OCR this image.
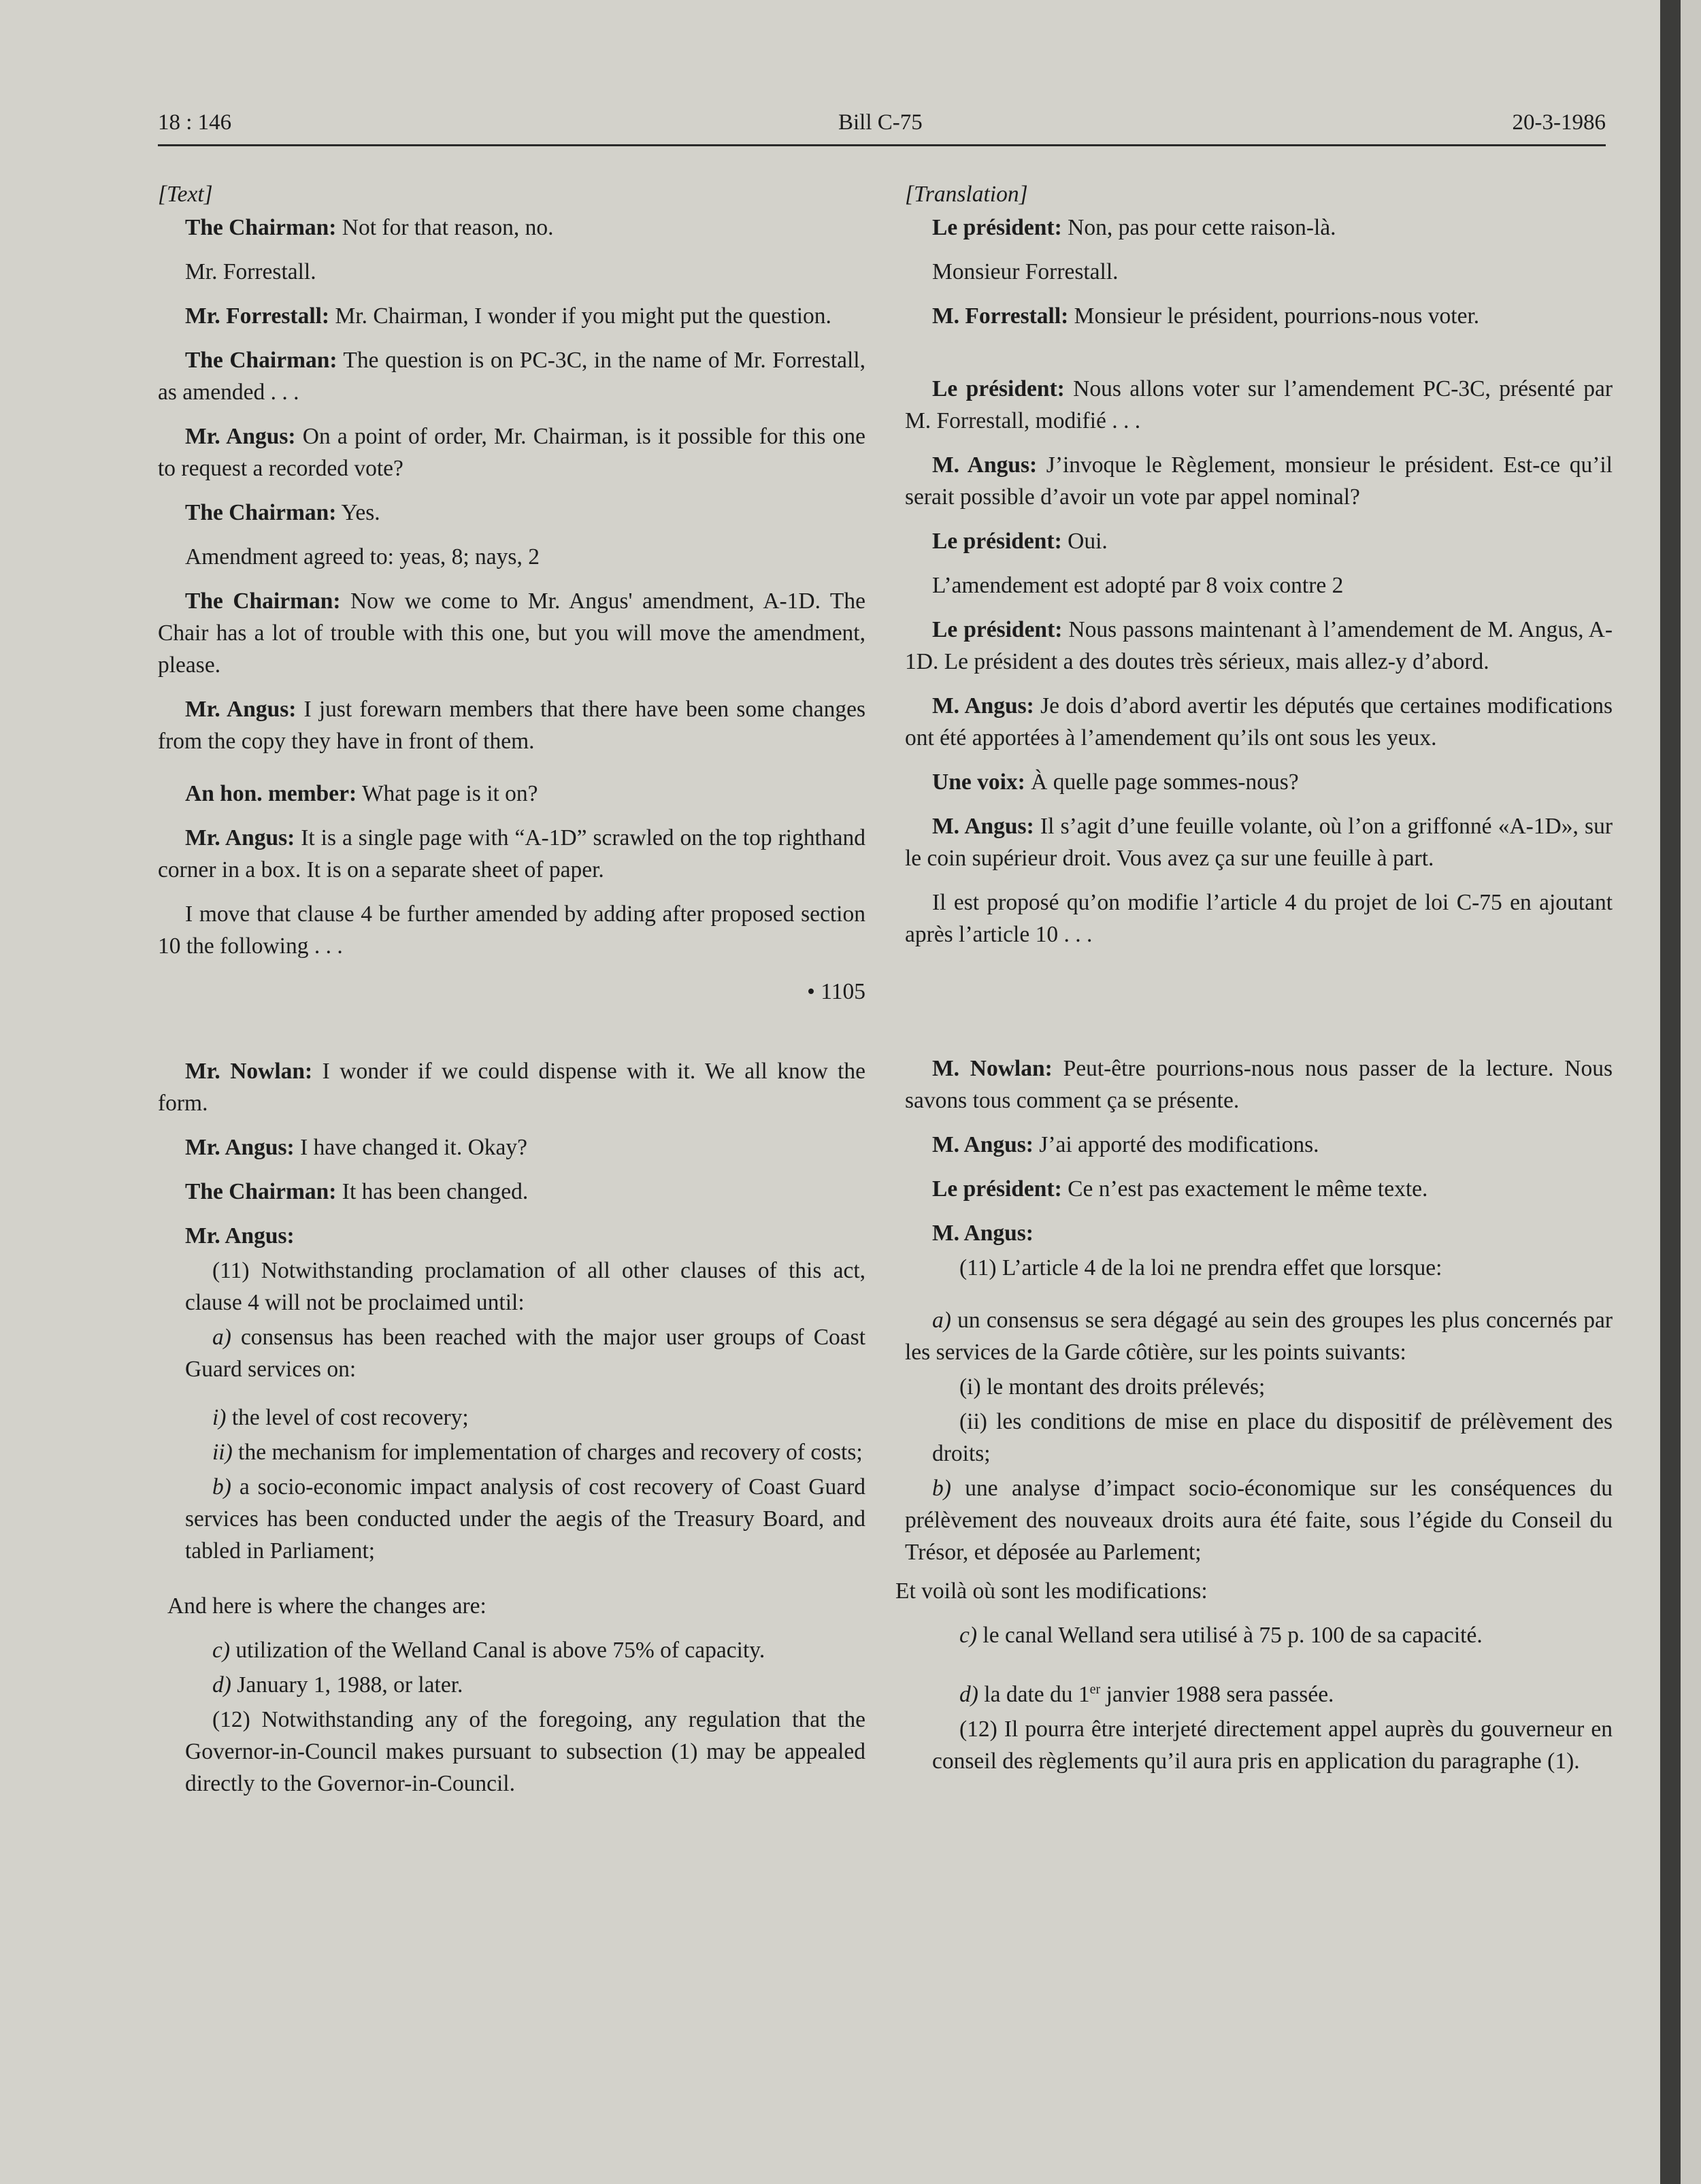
18 : 146	Bill C-75	20-3-1986

[Text]

The Chairman: Not for that reason, no.

Mr. Forrestall.

Mr. Forrestall: Mr. Chairman, I wonder if you might put the question.

The Chairman: The question is on PC-3C, in the name of Mr. Forrestall, as amended . . .

Mr. Angus: On a point of order, Mr. Chairman, is it possible for this one to request a recorded vote?

The Chairman: Yes.

Amendment agreed to: yeas, 8; nays, 2

The Chairman: Now we come to Mr. Angus' amendment, A-1D. The Chair has a lot of trouble with this one, but you will move the amendment, please.

Mr. Angus: I just forewarn members that there have been some changes from the copy they have in front of them.

An hon. member: What page is it on?

Mr. Angus: It is a single page with “A-1D” scrawled on the top righthand corner in a box. It is on a separate sheet of paper.

I move that clause 4 be further amended by adding after proposed section 10 the following . . .

• 1105

Mr. Nowlan: I wonder if we could dispense with it. We all know the form.

Mr. Angus: I have changed it. Okay?

The Chairman: It has been changed.

Mr. Angus:

(11) Notwithstanding proclamation of all other clauses of this act, clause 4 will not be proclaimed until:

a) consensus has been reached with the major user groups of Coast Guard services on:

i) the level of cost recovery;

ii) the mechanism for implementation of charges and recovery of costs;

b) a socio-economic impact analysis of cost recovery of Coast Guard services has been conducted under the aegis of the Treasury Board, and tabled in Parliament;

And here is where the changes are:

c) utilization of the Welland Canal is above 75% of capacity.

d) January 1, 1988, or later.

(12) Notwithstanding any of the foregoing, any regulation that the Governor-in-Council makes pursuant to subsection (1) may be appealed directly to the Governor-in-Council.

[Translation]

Le président: Non, pas pour cette raison-là.

Monsieur Forrestall.

M. Forrestall: Monsieur le président, pourrions-nous voter.

Le président: Nous allons voter sur l’amendement PC-3C, présenté par M. Forrestall, modifié . . .

M. Angus: J’invoque le Règlement, monsieur le président. Est-ce qu’il serait possible d’avoir un vote par appel nominal?

Le président: Oui.

L’amendement est adopté par 8 voix contre 2

Le président: Nous passons maintenant à l’amendement de M. Angus, A-1D. Le président a des doutes très sérieux, mais allez-y d’abord.

M. Angus: Je dois d’abord avertir les députés que certaines modifications ont été apportées à l’amendement qu’ils ont sous les yeux.

Une voix: À quelle page sommes-nous?

M. Angus: Il s’agit d’une feuille volante, où l’on a griffonné «A-1D», sur le coin supérieur droit. Vous avez ça sur une feuille à part.

Il est proposé qu’on modifie l’article 4 du projet de loi C-75 en ajoutant après l’article 10 . . .

M. Nowlan: Peut-être pourrions-nous nous passer de la lecture. Nous savons tous comment ça se présente.

M. Angus: J’ai apporté des modifications.

Le président: Ce n’est pas exactement le même texte.

M. Angus:

(11) L’article 4 de la loi ne prendra effet que lorsque:

a) un consensus se sera dégagé au sein des groupes les plus concernés par les services de la Garde côtière, sur les points suivants:

(i) le montant des droits prélevés;

(ii) les conditions de mise en place du dispositif de prélèvement des droits;

b) une analyse d’impact socio-économique sur les conséquences du prélèvement des nouveaux droits aura été faite, sous l’égide du Conseil du Trésor, et déposée au Parlement;

Et voilà où sont les modifications:

c) le canal Welland sera utilisé à 75 p. 100 de sa capacité.

d) la date du 1er janvier 1988 sera passée.

(12) Il pourra être interjeté directement appel auprès du gouverneur en conseil des règlements qu’il aura pris en application du paragraphe (1).
